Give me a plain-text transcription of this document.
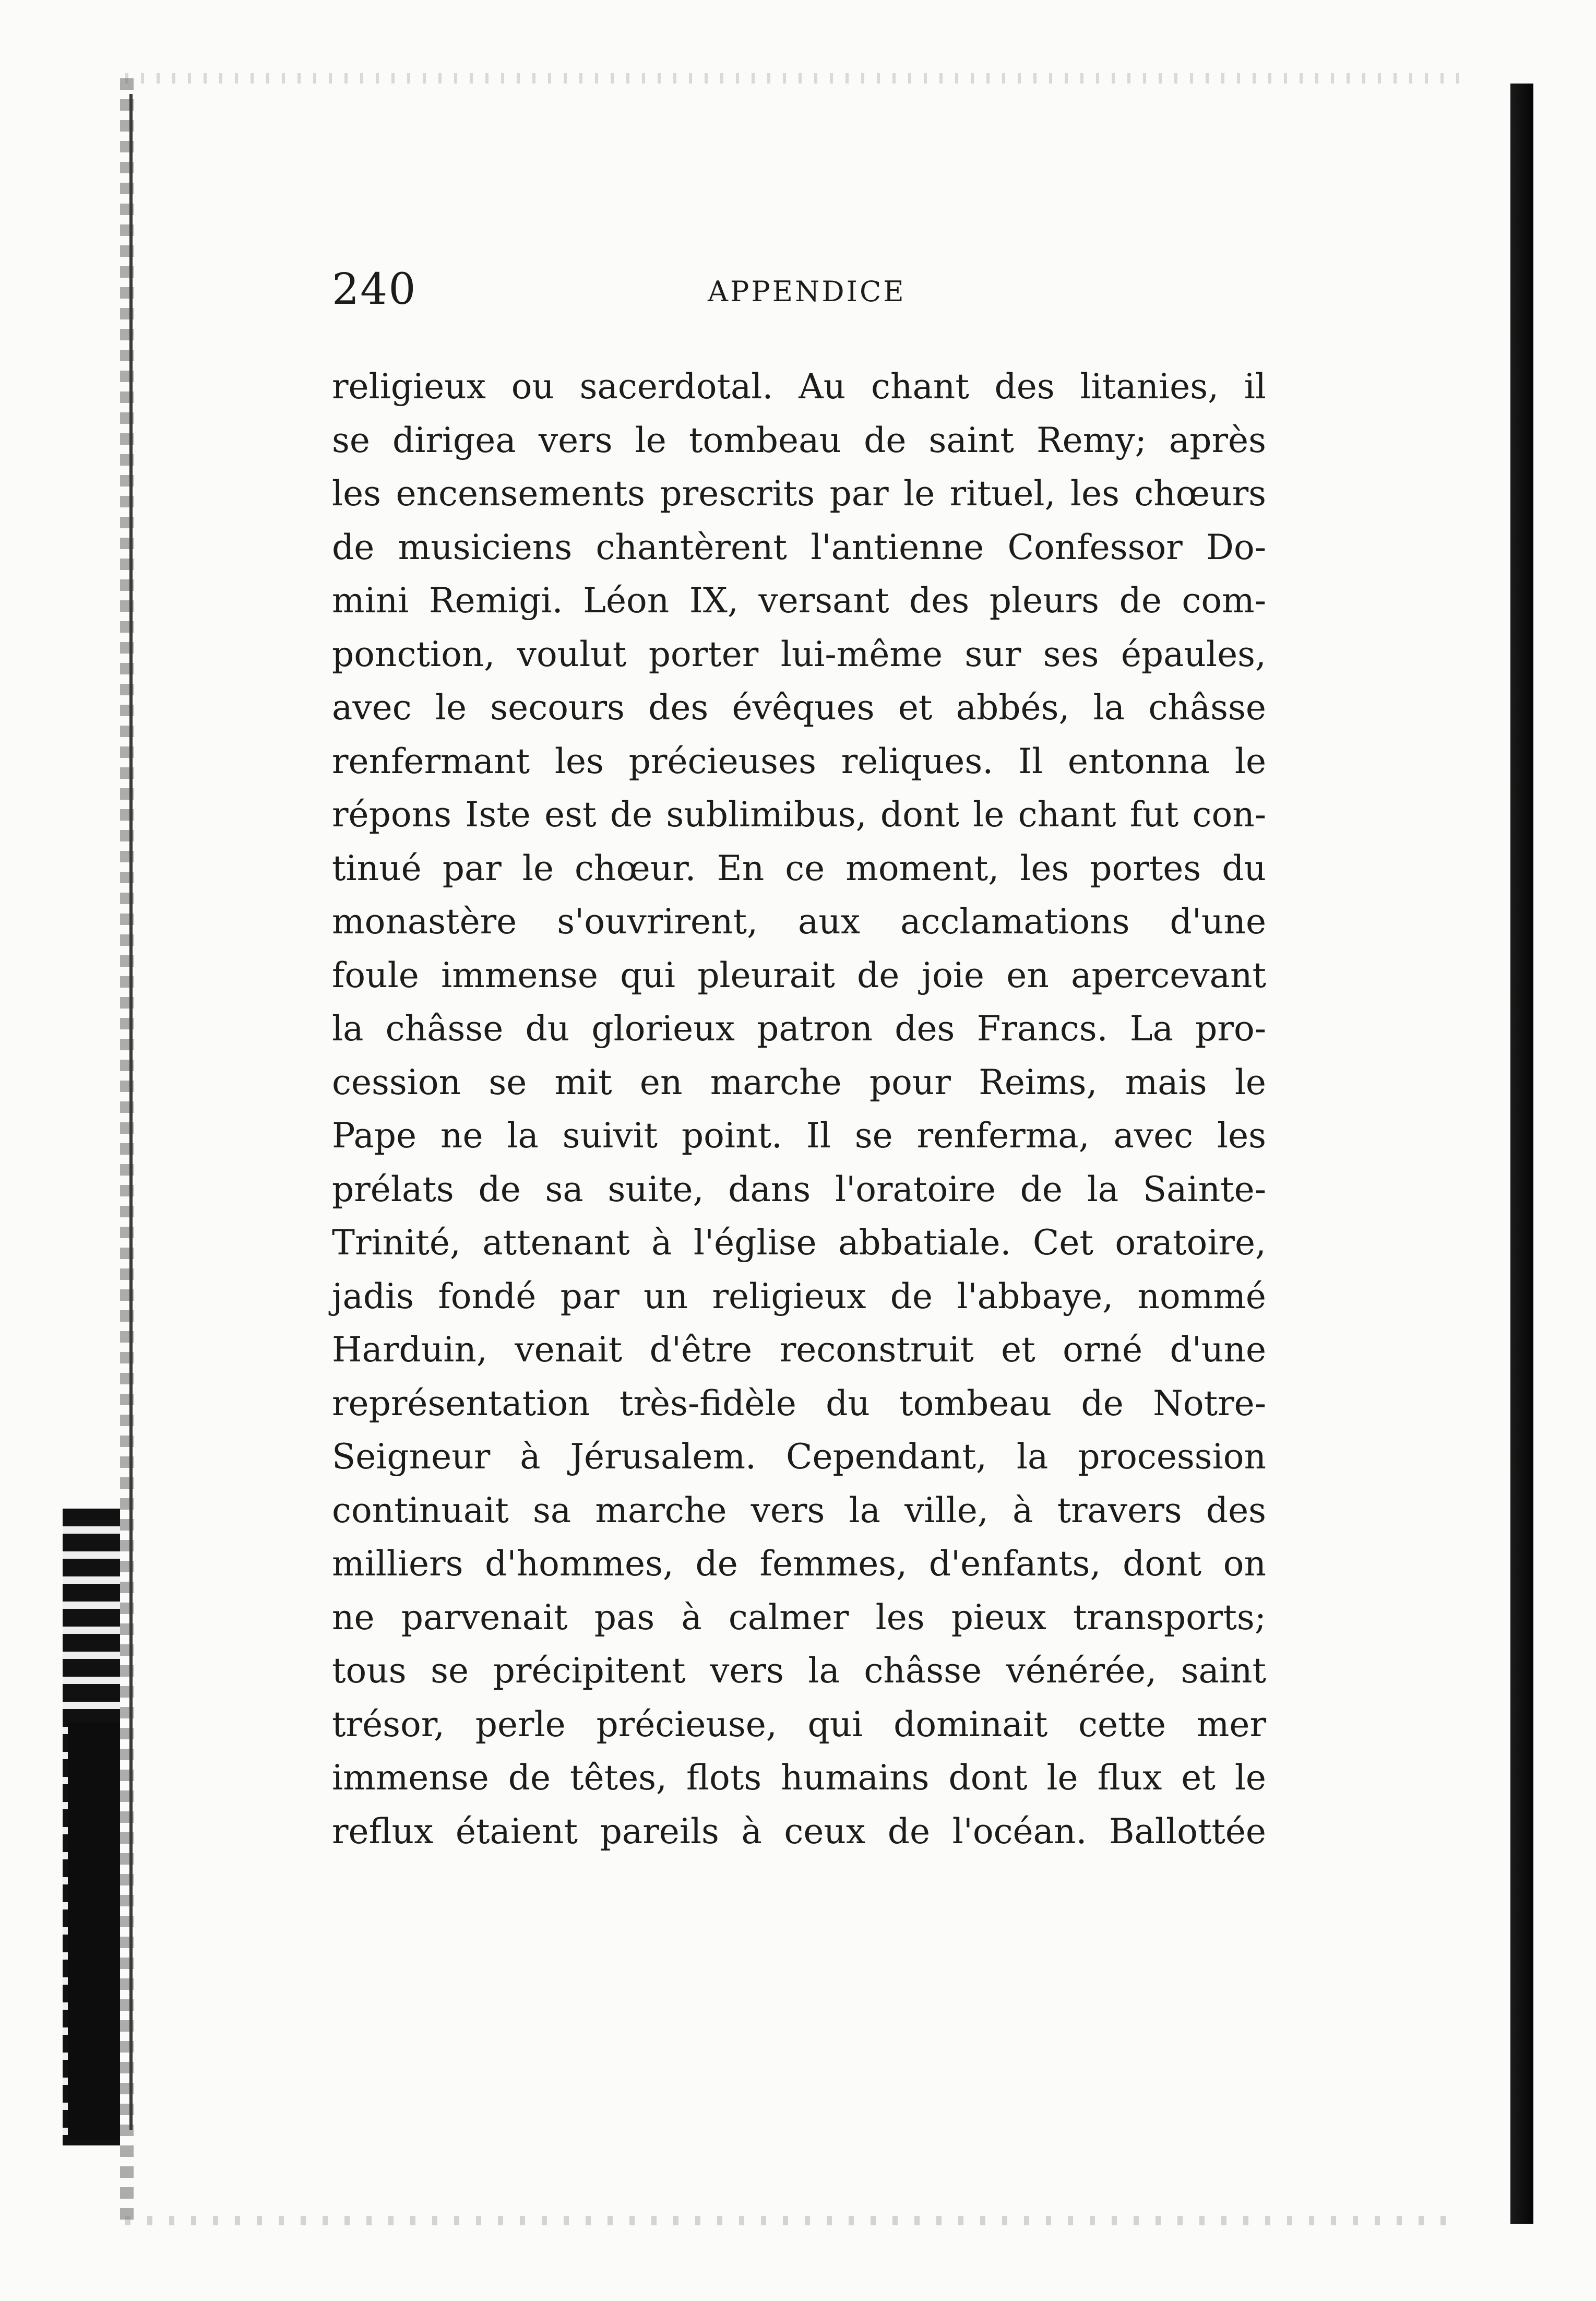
240	APPENDICE
religieux ou sacerdotal. Au chant des litanies, il
se dirigea vers le tombeau de saint Remy; après
les encensements prescrits par le rituel, les chœurs
de musiciens chantèrent l'antienne Confessor Do-
mini Remigi. Léon IX, versant des pleurs de com-
ponction, voulut porter lui-même sur ses épaules,
avec le secours des évêques et abbés, la châsse
renfermant les précieuses reliques. Il entonna le
répons Iste est de sublimibus, dont le chant fut con-
tinué par le chœur. En ce moment, les portes du
monastère s'ouvrirent, aux acclamations d'une
foule immense qui pleurait de joie en apercevant
la châsse du glorieux patron des Francs. La pro-
cession se mit en marche pour Reims, mais le
Pape ne la suivit point. Il se renferma, avec les
prélats de sa suite, dans l'oratoire de la Sainte-
Trinité, attenant à l'église abbatiale. Cet oratoire,
jadis fondé par un religieux de l'abbaye, nommé
Harduin, venait d'être reconstruit et orné d'une
représentation très-fidèle du tombeau de Notre-
Seigneur à Jérusalem. Cependant, la procession
continuait sa marche vers la ville, à travers des
milliers d'hommes, de femmes, d'enfants, dont on
ne parvenait pas à calmer les pieux transports;
tous se précipitent vers la châsse vénérée, saint
trésor, perle précieuse, qui dominait cette mer
immense de têtes, flots humains dont le flux et le
reflux étaient pareils à ceux de l'océan. Ballottée
